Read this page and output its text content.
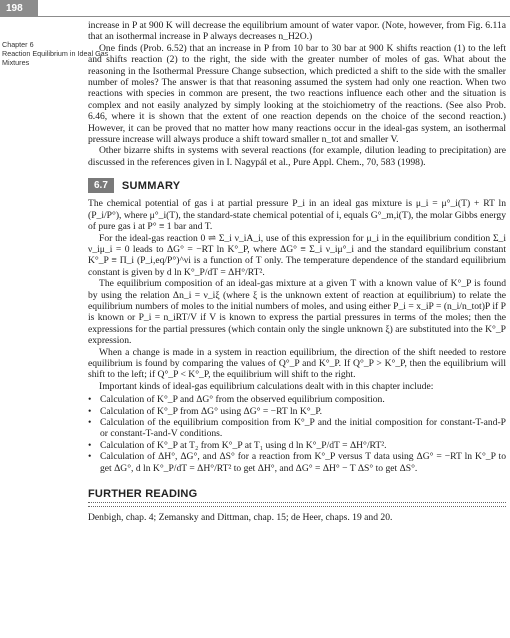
198
Chapter 6
Reaction Equilibrium in Ideal Gas
Mixtures

increase in P at 900 K will decrease the equilibrium amount of water vapor. (Note, however, from Fig. 6.11a that an isothermal increase in P always decreases n_H2O.)

One finds (Prob. 6.52) that an increase in P from 10 bar to 30 bar at 900 K shifts reaction (1) to the left and shifts reaction (2) to the right, the side with the greater number of moles of gas. What about the reasoning in the Isothermal Pressure Change subsection, which predicted a shift to the side with the smaller number of moles? The answer is that that reasoning assumed the system had only one reaction. When two reactions with species in common are present, the two reactions influence each other and the situation is complex and not easily analyzed by simply looking at the stoichiometry of the reactions. (See also Prob. 6.46, where it is shown that the extent of one reaction depends on the choice of the second reaction.) However, it can be proved that no matter how many reactions occur in the ideal-gas system, an isothermal pressure increase will always produce a shift toward smaller n_tot and smaller V.

Other bizarre shifts in systems with several reactions (for example, dilution leading to precipitation) are discussed in the references given in I. Nagypál et al., Pure Appl. Chem., 70, 583 (1998).

6.7	SUMMARY

The chemical potential of gas i at partial pressure P_i in an ideal gas mixture is μ_i = μ°_i(T) + RT ln (P_i/P°), where μ°_i(T), the standard-state chemical potential of i, equals G°_m,i(T), the molar Gibbs energy of pure gas i at P° ≡ 1 bar and T.

For the ideal-gas reaction 0 ⇌ Σ_i ν_iA_i, use of this expression for μ_i in the equilibrium condition Σ_i ν_iμ_i = 0 leads to ΔG° = −RT ln K°_P, where ΔG° ≡ Σ_i ν_iμ°_i and the standard equilibrium constant K°_P ≡ Π_i (P_i,eq/P°)^νi is a function of T only. The temperature dependence of the standard equilibrium constant is given by d ln K°_P/dT = ΔH°/RT².

The equilibrium composition of an ideal-gas mixture at a given T with a known value of K°_P is found by using the relation Δn_i = ν_iξ (where ξ is the unknown extent of reaction at equilibrium) to relate the equilibrium numbers of moles to the initial numbers of moles, and using either P_i = x_iP = (n_i/n_tot)P if P is known or P_i = n_iRT/V if V is known to express the partial pressures in terms of the moles; then the expressions for the partial pressures (which contain only the single unknown ξ) are substituted into the K°_P expression.

When a change is made in a system in reaction equilibrium, the direction of the shift needed to restore equilibrium is found by comparing the values of Q°_P and K°_P. If Q°_P > K°_P, then the equilibrium will shift to the left; if Q°_P < K°_P, the equilibrium will shift to the right.

Important kinds of ideal-gas equilibrium calculations dealt with in this chapter include:

• Calculation of K°_P and ΔG° from the observed equilibrium composition.
• Calculation of K°_P from ΔG° using ΔG° = −RT ln K°_P.
• Calculation of the equilibrium composition from K°_P and the initial composition for constant-T-and-P or constant-T-and-V conditions.
• Calculation of K°_P at T₂ from K°_P at T₁ using d ln K°_P/dT = ΔH°/RT².
• Calculation of ΔH°, ΔG°, and ΔS° for a reaction from K°_P versus T data using ΔG° = −RT ln K°_P to get ΔG°, d ln K°_P/dT = ΔH°/RT² to get ΔH°, and ΔG° = ΔH° − T ΔS° to get ΔS°.
FURTHER READING
Denbigh, chap. 4; Zemansky and Dittman, chap. 15; de Heer, chaps. 19 and 20.
